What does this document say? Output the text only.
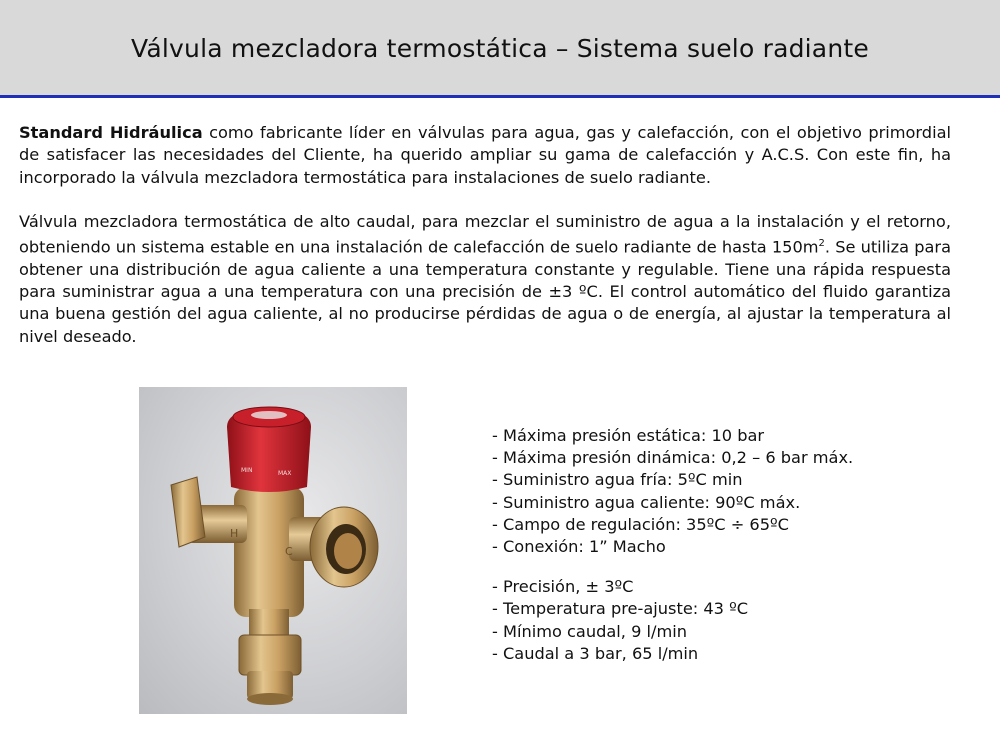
Válvula mezcladora termostática – Sistema suelo radiante

Standard Hidráulica como fabricante líder en válvulas para agua, gas y calefacción, con el objetivo primordial de satisfacer las necesidades del Cliente, ha querido ampliar su gama de calefacción y A.C.S. Con este fin, ha incorporado la válvula mezcladora termostática para instalaciones de suelo radiante.

Válvula mezcladora termostática de alto caudal, para mezclar el suministro de agua a la instalación y el retorno, obteniendo un sistema estable en una instalación de calefacción de suelo radiante de hasta $150m^2$. Se utiliza para obtener una distribución de agua caliente a una temperatura constante y regulable. Tiene una rápida respuesta para suministrar agua a una temperatura con una precisión de ±3 ºC. El control automático del fluido garantiza una buena gestión del agua caliente, al no producirse pérdidas de agua o de energía, al ajustar la temperatura al nivel deseado.

H
C
MIN	MAX
- Máxima presión estática: 10 bar
- Máxima presión dinámica: 0,2 – 6 bar máx.
- Suministro agua fría: 5ºC min
- Suministro agua caliente: 90ºC máx.
- Campo de regulación: 35ºC ÷ 65ºC
- Conexión: 1” Macho
- Precisión, ± 3ºC
- Temperatura pre-ajuste: 43 ºC
- Mínimo caudal, 9 l/min
- Caudal a 3 bar, 65 l/min
